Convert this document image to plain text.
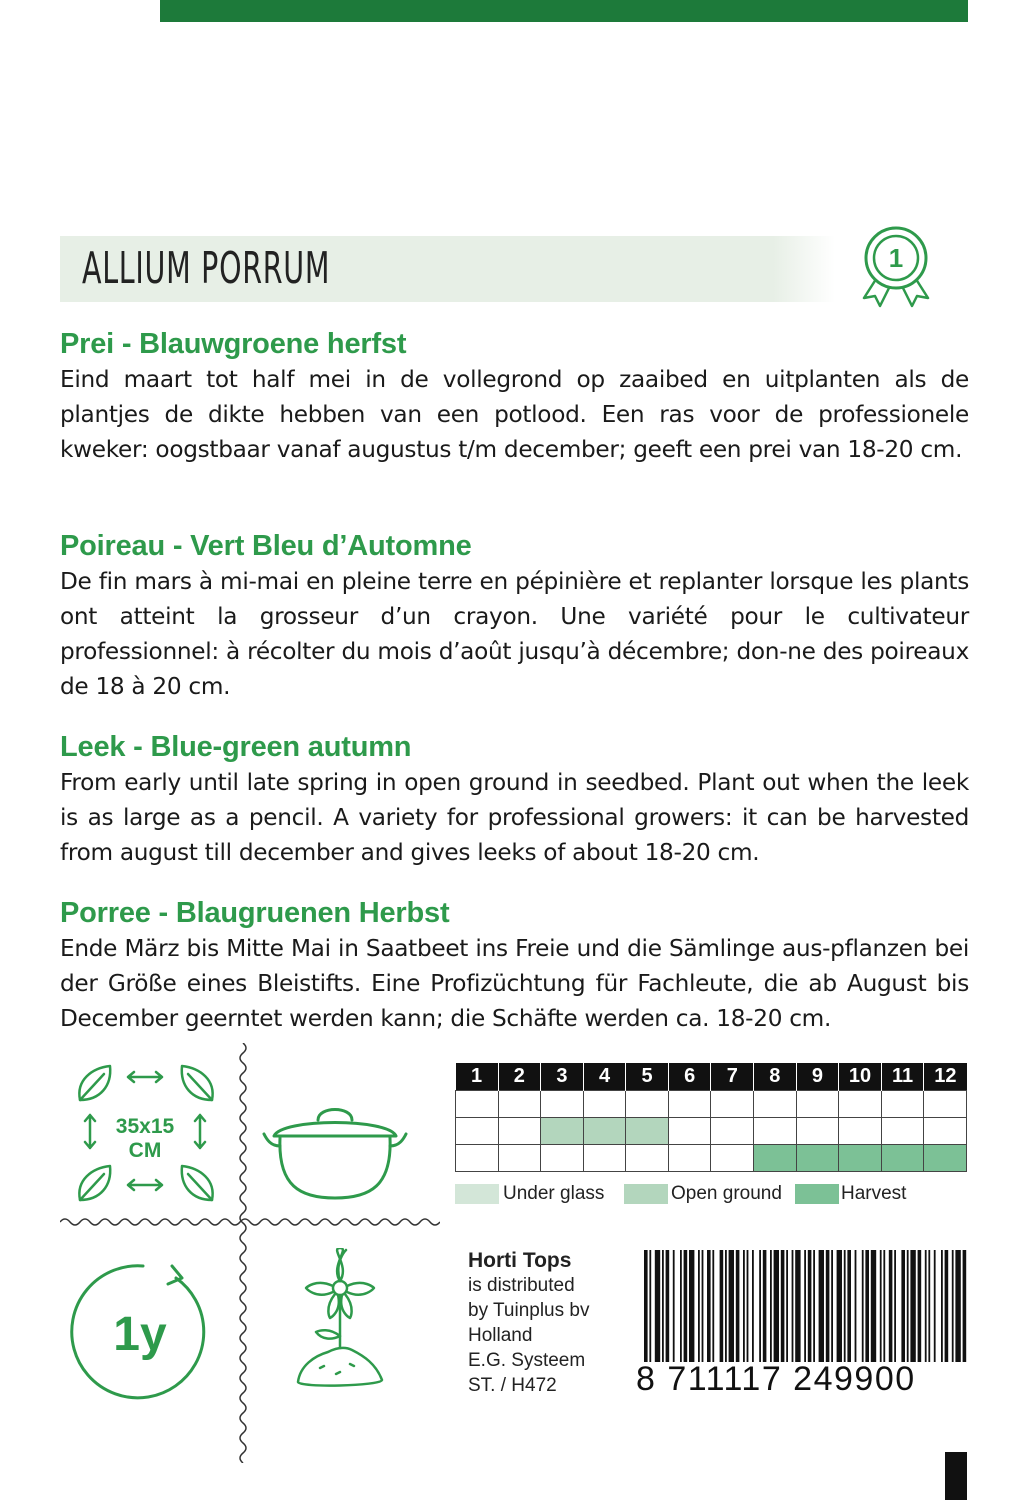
ALLIUM PORRUM	1
Prei - Blauwgroene herfst

Eind maart tot half mei in de vollegrond op zaaibed en uitplanten als de plantjes de dikte hebben van een potlood. Een ras voor de professionele kweker: oogstbaar vanaf augustus t/m december; geeft een prei van 18-20 cm.

Poireau - Vert Bleu d’Automne

De fin mars à mi-mai en pleine terre en pépinière et replanter lorsque les plants ont atteint la grosseur d’un crayon. Une variété pour le cultivateur professionnel: à récolter du mois d’août jusqu’à décembre; don-ne des poireaux de 18 à 20 cm.

Leek - Blue-green autumn

From early until late spring in open ground in seedbed. Plant out when the leek is as large as a pencil. A variety for professional growers: it can be harvested from august till december and gives leeks of about 18-20 cm.

Porree - Blaugruenen Herbst

Ende März bis Mitte Mai in Saatbeet ins Freie und die Sämlinge aus-pflanzen bei der Größe eines Bleistifts. Eine Profizüchtung für Fachleute, die ab August bis December geerntet werden kann; die Schäfte werden ca. 18-20 cm.

35x15
CM
1y
1	2	3	4	5	6	7	8	9	10	11	12

Under glass	Open ground	Harvest
Horti Tops
is distributed
by Tuinplus bv
Holland
E.G. Systeem
ST. / H472	8 711117 249900
